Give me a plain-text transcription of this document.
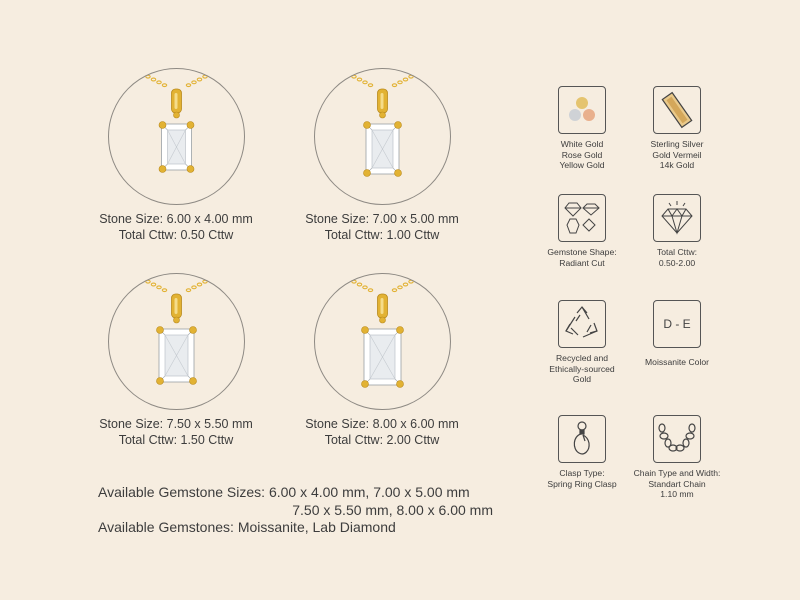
Stone Size: 6.00 x 4.00 mm
Total Cttw: 0.50 Cttw
Stone Size: 7.00 x 5.00 mm
Total Cttw: 1.00 Cttw
Stone Size: 7.50 x 5.50 mm
Total Cttw: 1.50 Cttw
Stone Size: 8.00 x 6.00 mm
Total Cttw: 2.00 Cttw
Available Gemstone Sizes: 6.00 x 4.00 mm, 7.00 x 5.00 mm
7.50 x 5.50 mm, 8.00 x 6.00 mm
Available Gemstones: Moissanite, Lab Diamond
White Gold
Rose Gold
Yellow Gold
Sterling Silver
Gold Vermeil
14k Gold
Gemstone Shape:
Radiant Cut
Total Cttw:
0.50-2.00
Recycled and
Ethically-sourced
Gold
D - E
Moissanite Color
Clasp Type:
Spring Ring Clasp
Chain Type and Width:
Standart Chain
1.10 mm
